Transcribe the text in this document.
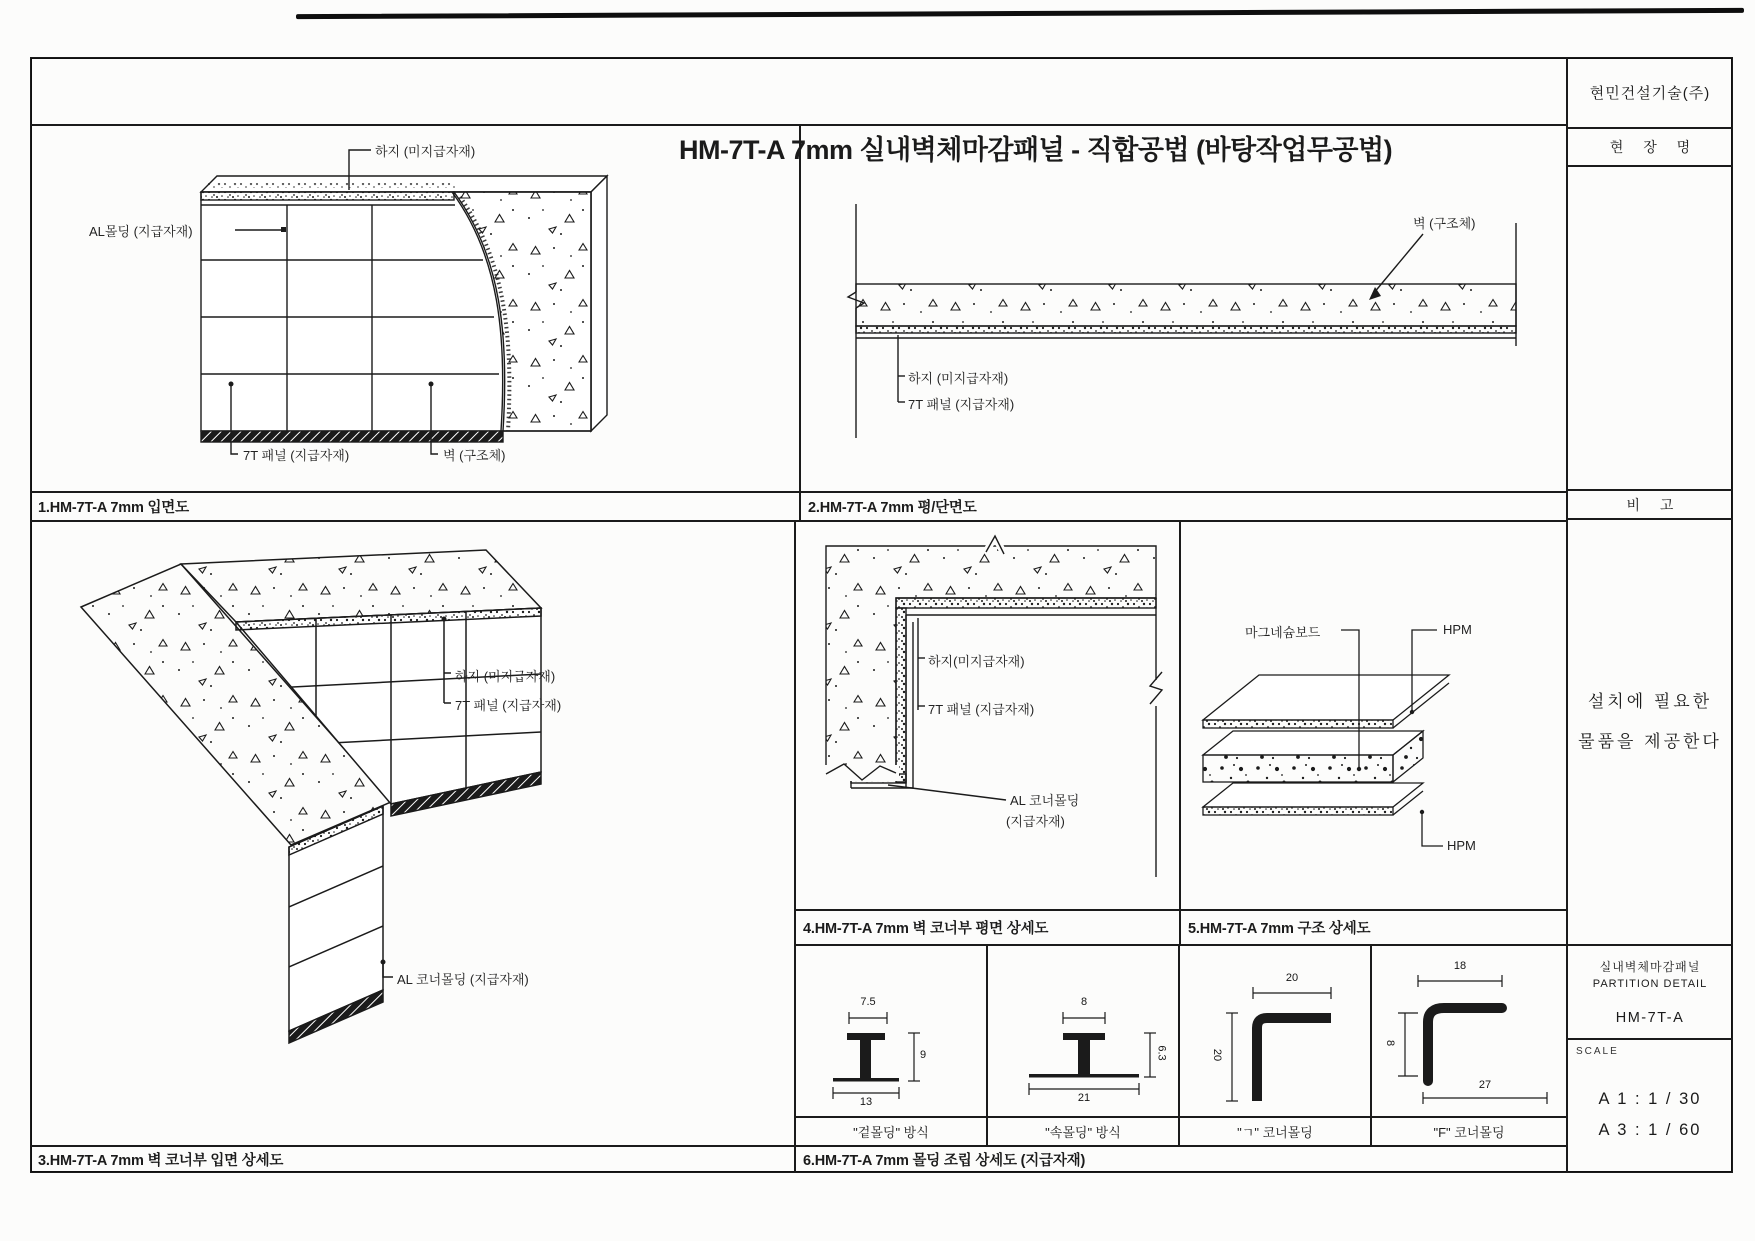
HM-7T-A 7mm 실내벽체마감패널 - 직합공법 (바탕작업무공법)
현민건설기술(주)
현 장 명
비 고
설치에 필요한
물품을 제공한다
실내벽체마감패널
PARTITION DETAIL
HM-7T-A
SCALE
A 1 : 1 / 30
A 3 : 1 / 60
하지 (미지급자재)
AL몰딩 (지급자재)
7T 패널 (지급자재)	벽 (구조체)
1.HM-7T-A 7mm 입면도
벽 (구조체)
하지 (미지급자재)
7T 패널 (지급자재)
2.HM-7T-A 7mm 평/단면도
하지 (미지급자재)
7T 패널 (지급자재)
AL 코너몰딩 (지급자재)
3.HM-7T-A 7mm 벽 코너부 입면 상세도
하지(미지급자재)
7T 패널 (지급자재)
AL 코너몰딩
(지급자재)
4.HM-7T-A 7mm 벽 코너부 평면 상세도
마그네슘보드	HPM
HPM
5.HM-7T-A 7mm 구조 상세도
7.5
9
13
8
6.3
21
20
20
18
8
27
"겉몰딩" 방식	"속몰딩" 방식	"ㄱ" 코너몰딩	"F" 코너몰딩
6.HM-7T-A 7mm 몰딩 조립 상세도 (지급자재)
